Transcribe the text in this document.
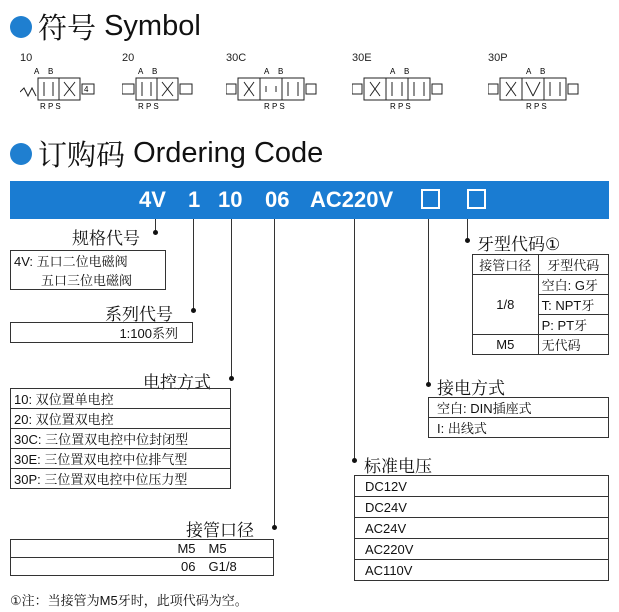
符号 Symbol
10
A B
4
R P S
20
A B
R P S
30C
A B
R P S
30E
A B
R P S
30P
A B
R P S
订购码 Ordering Code
4V 1 10 06 AC220V
规格代号
4V: 五口二位电磁阀
五口三位电磁阀
系列代号
1:100系列
电控方式
10: 双位置单电控
20: 双位置双电控
30C: 三位置双电控中位封闭型
30E: 三位置双电控中位排气型
30P: 三位置双电控中位压力型
接管口径
M5	M5
06	G1/8
标准电压
DC12V
DC24V
AC24V
AC220V
AC110V
接电方式
空白: DIN插座式
I: 出线式
牙型代码①
接管口径	牙型代码
1/8	空白: G牙
	T: NPT牙
	P: PT牙
M5	无代码
①注：当接管为M5牙时，此项代码为空。
